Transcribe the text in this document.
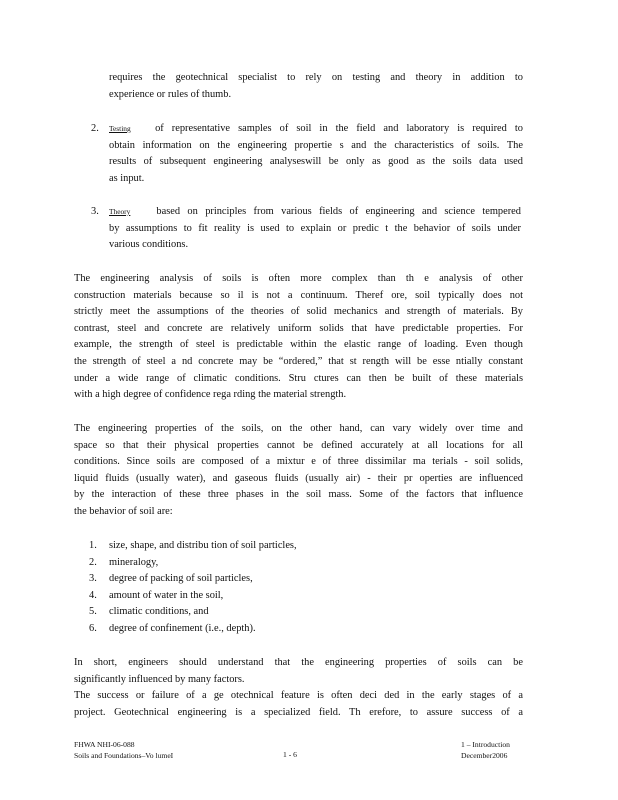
requires the geotechnical specialist to rely on testing and theory in addition to
experience or rules of thumb.
2. Testing of representative samples of soil in the field and laboratory is required to
obtain information on the engineering propertie s and the characteristics of soils. The
results of subsequent engineering analyseswill be only as good as the soils data used
as input.
3. Theory	based on principles from various fields of engineering and science tempered
by assumptions to fit reality is used to explain or predic t the behavior of soils under
various conditions.
The engineering analysis of soils is often more complex than th e analysis of other
construction materials because so il is not a continuum. Theref ore, soil typically does not
strictly meet the assumptions of the theories of solid mechanics and strength of materials. By
contrast, steel and concrete are relatively uniform solids that have predictable properties. For
example, the strength of steel is predictable within the elastic range of loading. Even though
the strength of steel a nd concrete may be “ordered,” that st rength will be esse ntially constant
under a wide range of climatic conditions. Stru ctures can then be built of these materials
with a high degree of confidence rega rding the material strength.
The engineering properties of the soils, on the other hand, can vary widely over time and
space so that their physical properties cannot be defined accurately at all locations for all
conditions. Since soils are composed of a mixtur e of three dissimilar ma terials - soil solids,
liquid fluids (usually water), and gaseous fluids (usually air) - their pr operties are influenced
by the interaction of these three phases in the soil mass. Some of the factors that influence
the behavior of soil are:
1.	size, shape, and distribu tion of soil particles,
2.	mineralogy,
3.	degree of packing of soil particles,
4.	amount of water in the soil,
5.	climatic conditions, and
6.	degree of confinement (i.e., depth).
In short, engineers should understand that the engineering properties of soils can be
significantly influenced by many factors.
The success or failure of a ge otechnical feature is often deci ded in the early stages of a
project. Geotechnical engineering is a specialized field. Th erefore, to assure success of a
FHWA NHI-06-088
Soils and Foundations–Vo lumeI	1 - 6
1 – Introduction
December2006
